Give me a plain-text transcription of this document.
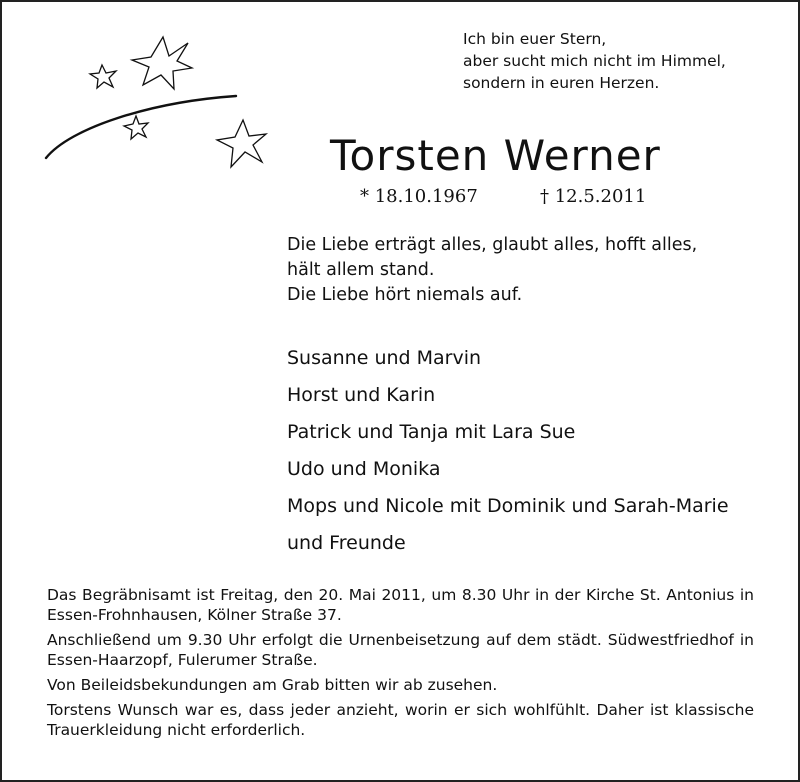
Ich bin euer Stern,
aber sucht mich nicht im Himmel,
sondern in euren Herzen.
Torsten Werner
* 18.10.1967	† 12.5.2011
Die Liebe erträgt alles, glaubt alles, hofft alles,
hält allem stand.
Die Liebe hört niemals auf.
Susanne und Marvin
Horst und Karin
Patrick und Tanja mit Lara Sue
Udo und Monika
Mops und Nicole mit Dominik und Sarah-Marie
und Freunde

Das Begräbnisamt ist Freitag, den 20. Mai 2011, um 8.30 Uhr in der Kirche St. Antonius in Essen-Frohnhausen, Kölner Straße 37.

Anschließend um 9.30 Uhr erfolgt die Urnenbeisetzung auf dem städt. Südwestfriedhof in Essen-Haarzopf, Fulerumer Straße.

Von Beileidsbekundungen am Grab bitten wir ab zusehen.

Torstens Wunsch war es, dass jeder anzieht, worin er sich wohlfühlt. Daher ist klassische Trauerkleidung nicht erforderlich.
